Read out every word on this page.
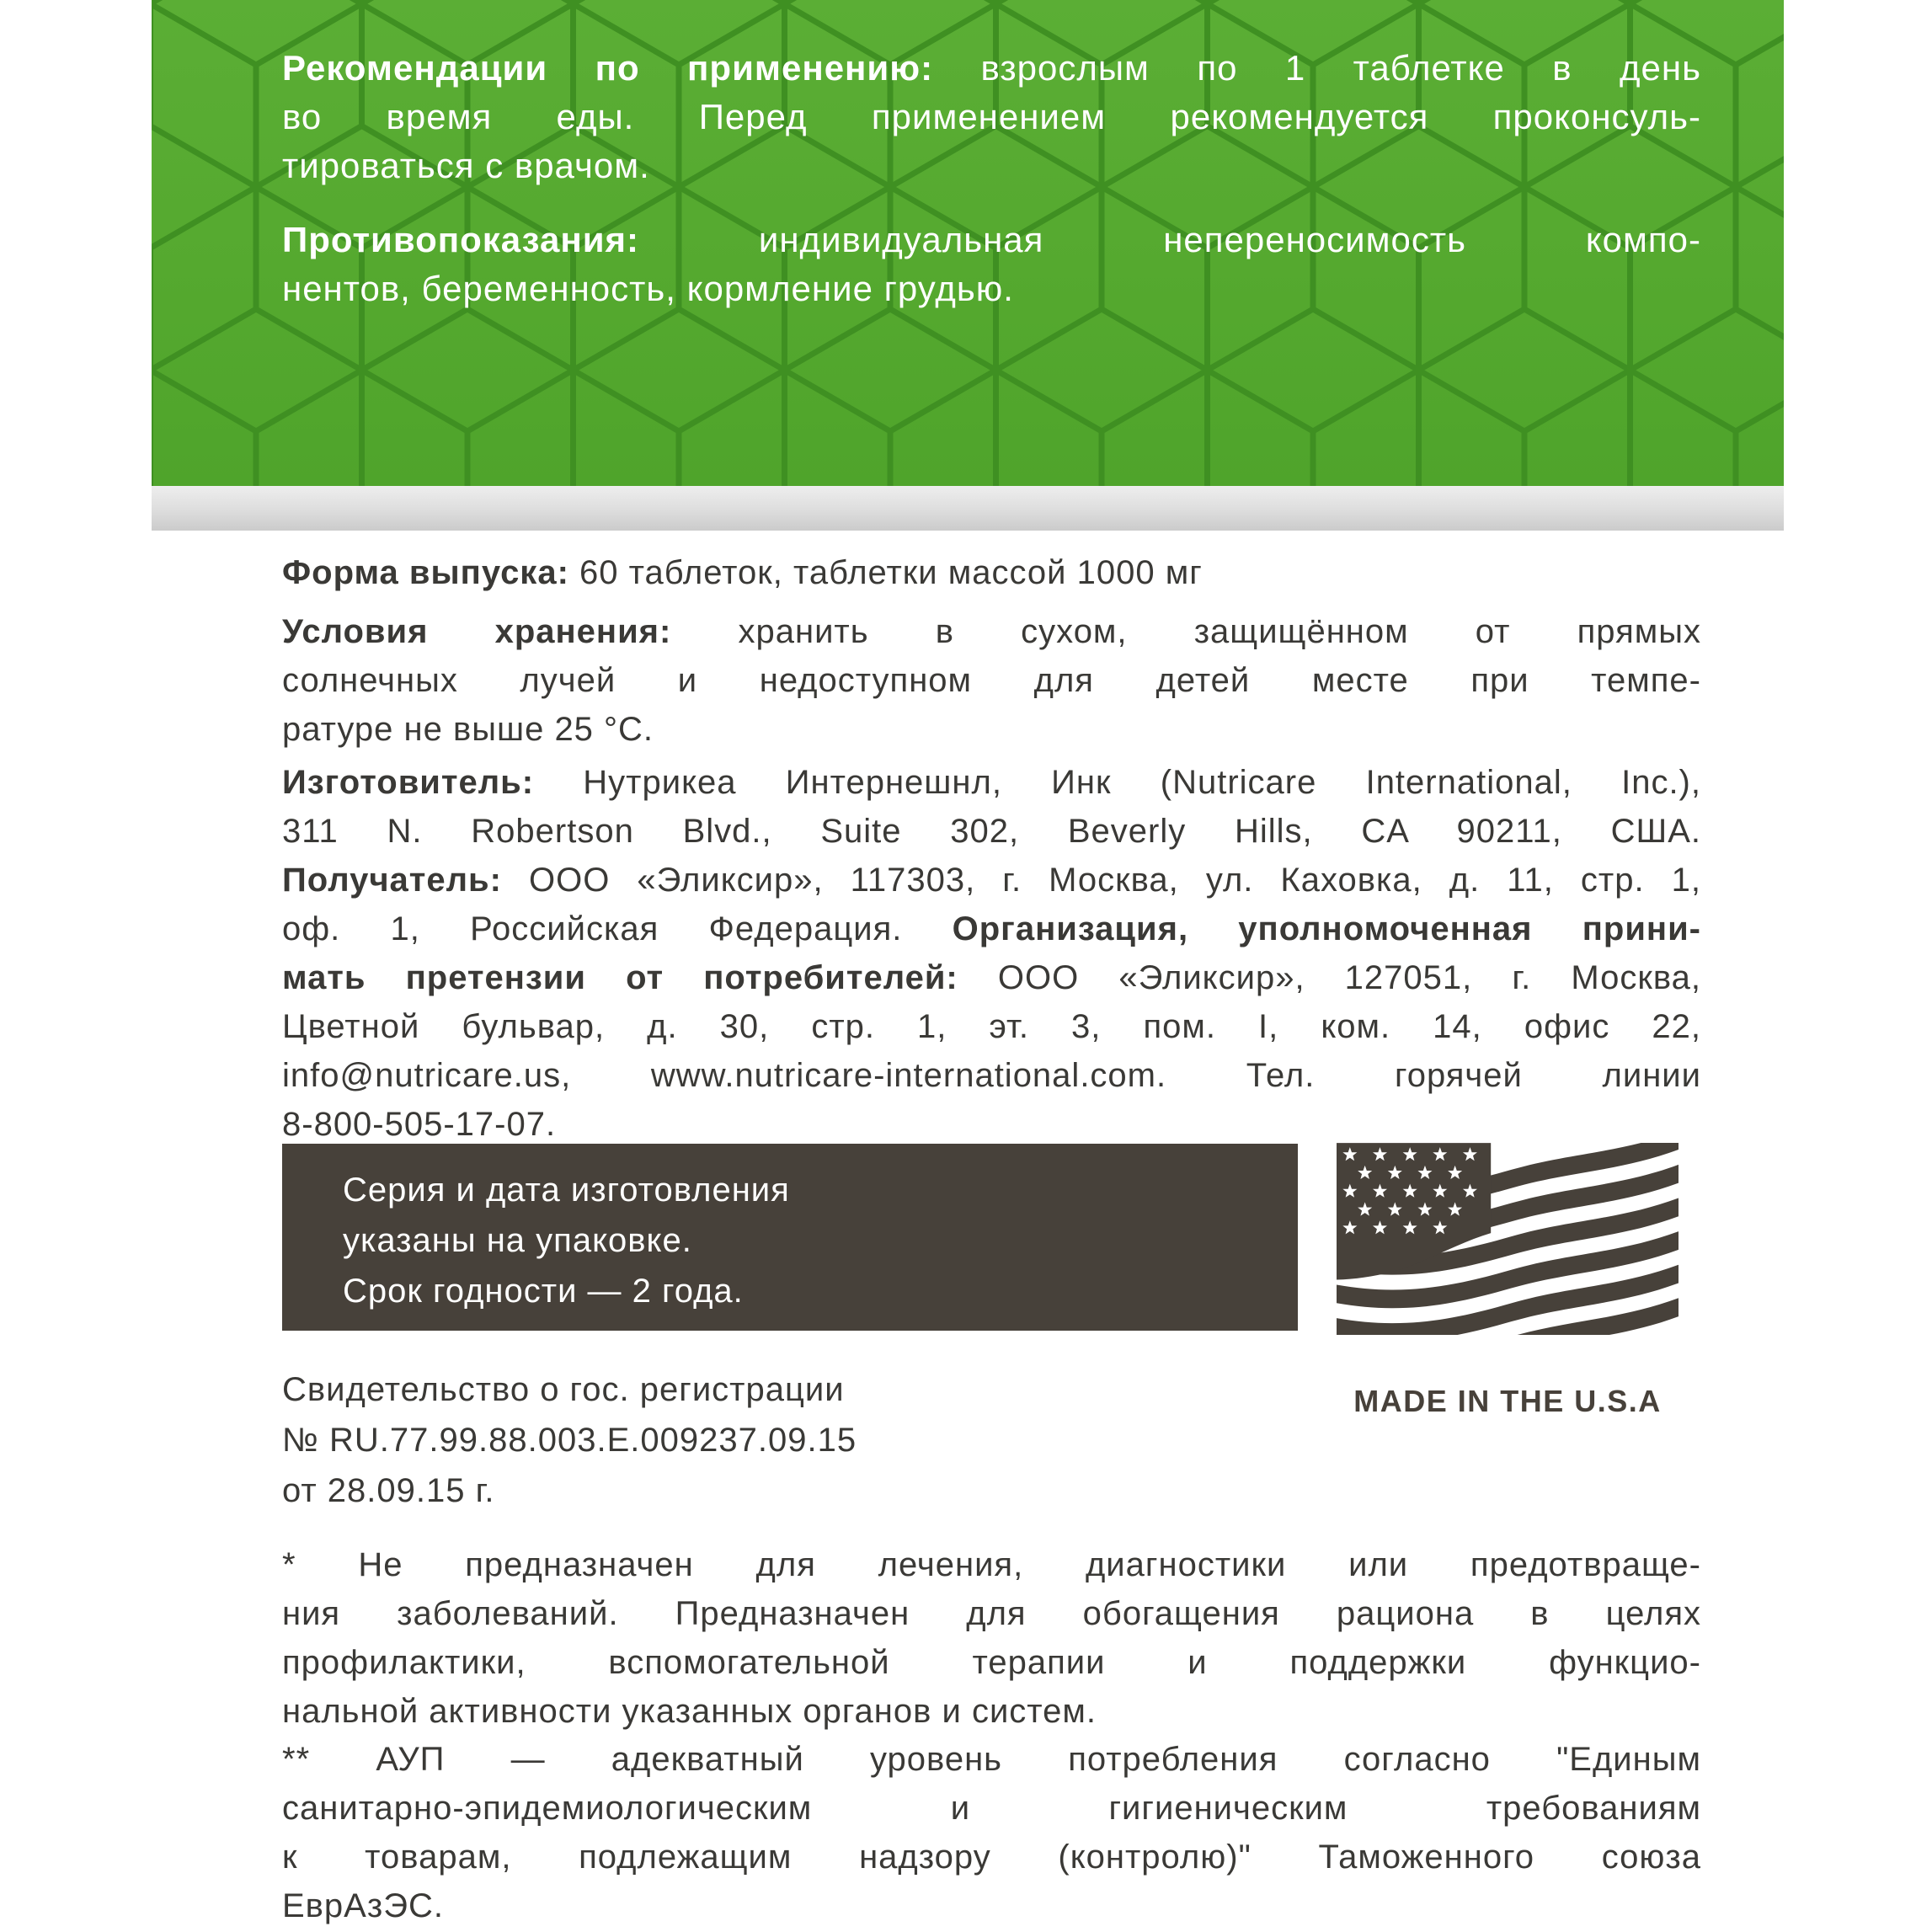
Рекомендации по применению: взрослым по 1 таблетке в день
во время еды. Перед применением рекомендуется проконсуль-
тироваться с врачом.
Противопоказания: индивидуальная непереносимость компо-
нентов, беременность, кормление грудью.
Форма выпуска: 60 таблеток, таблетки массой 1000 мг
Условия хранения: хранить в сухом, защищённом от прямых
солнечных лучей и недоступном для детей месте при темпе-
ратуре не выше 25 °C.
Изготовитель: Нутрикеа Интернешнл, Инк (Nutricare International, Inc.),
311 N. Robertson Blvd., Suite 302, Beverly Hills, CA 90211, США.
Получатель: ООО «Эликсир», 117303, г. Москва, ул. Каховка, д. 11, стр. 1,
оф. 1, Российская Федерация. Организация, уполномоченная прини-
мать претензии от потребителей: ООО «Эликсир», 127051, г. Москва,
Цветной бульвар, д. 30, стр. 1, эт. 3, пом. I, ком. 14, офис 22,
info@nutricare.us, www.nutricare-international.com. Тел. горячей линии
8-800-505-17-07.
Серия и дата изготовления
указаны на упаковке.
Срок годности — 2 года.
MADE IN THE U.S.A
Свидетельство о гос. регистрации
№ RU.77.99.88.003.E.009237.09.15
от 28.09.15 г.
* Не предназначен для лечения, диагностики или предотвраще-
ния заболеваний. Предназначен для обогащения рациона в целях
профилактики, вспомогательной терапии и поддержки функцио-
нальной активности указанных органов и систем.
** АУП — адекватный уровень потребления согласно "Единым
санитарно-эпидемиологическим и гигиеническим требованиям
к товарам, подлежащим надзору (контролю)" Таможенного союза
ЕврАзЭС.
